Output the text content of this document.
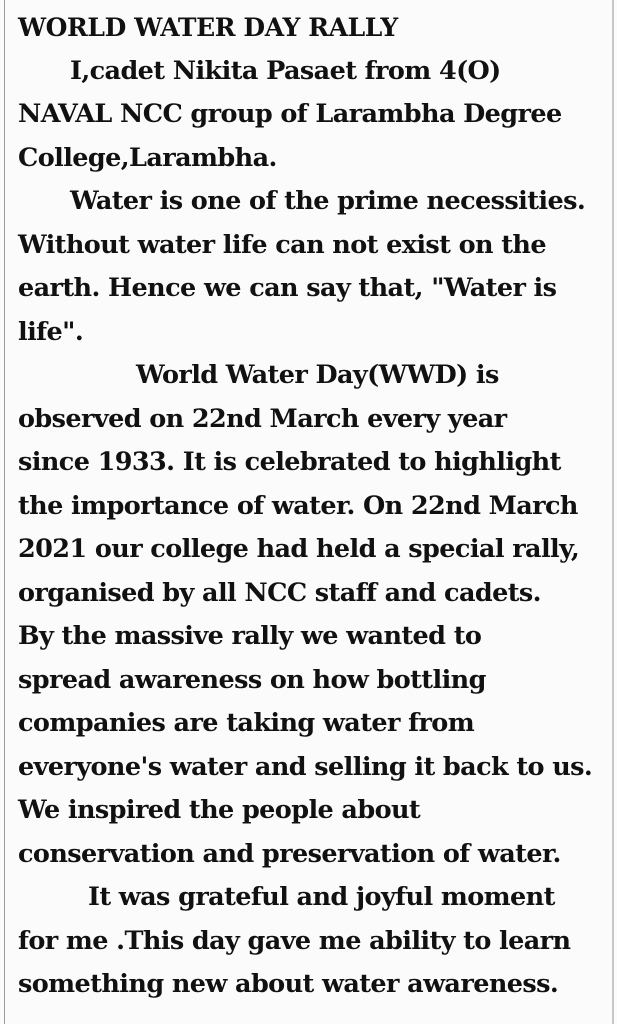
WORLD WATER DAY RALLY
I,cadet Nikita Pasaet from 4(O)
NAVAL NCC group of Larambha Degree
College,Larambha.
Water is one of the prime necessities.
Without water life can not exist on the
earth. Hence we can say that, "Water is
life".
World Water Day(WWD) is
observed on 22nd March every year
since 1933. It is celebrated to highlight
the importance of water. On 22nd March
2021 our college had held a special rally,
organised by all NCC staff and cadets.
By the massive rally we wanted to
spread awareness on how bottling
companies are taking water from
everyone's water and selling it back to us.
We inspired the people about
conservation and preservation of water.
It was grateful and joyful moment
for me .This day gave me ability to learn
something new about water awareness.
